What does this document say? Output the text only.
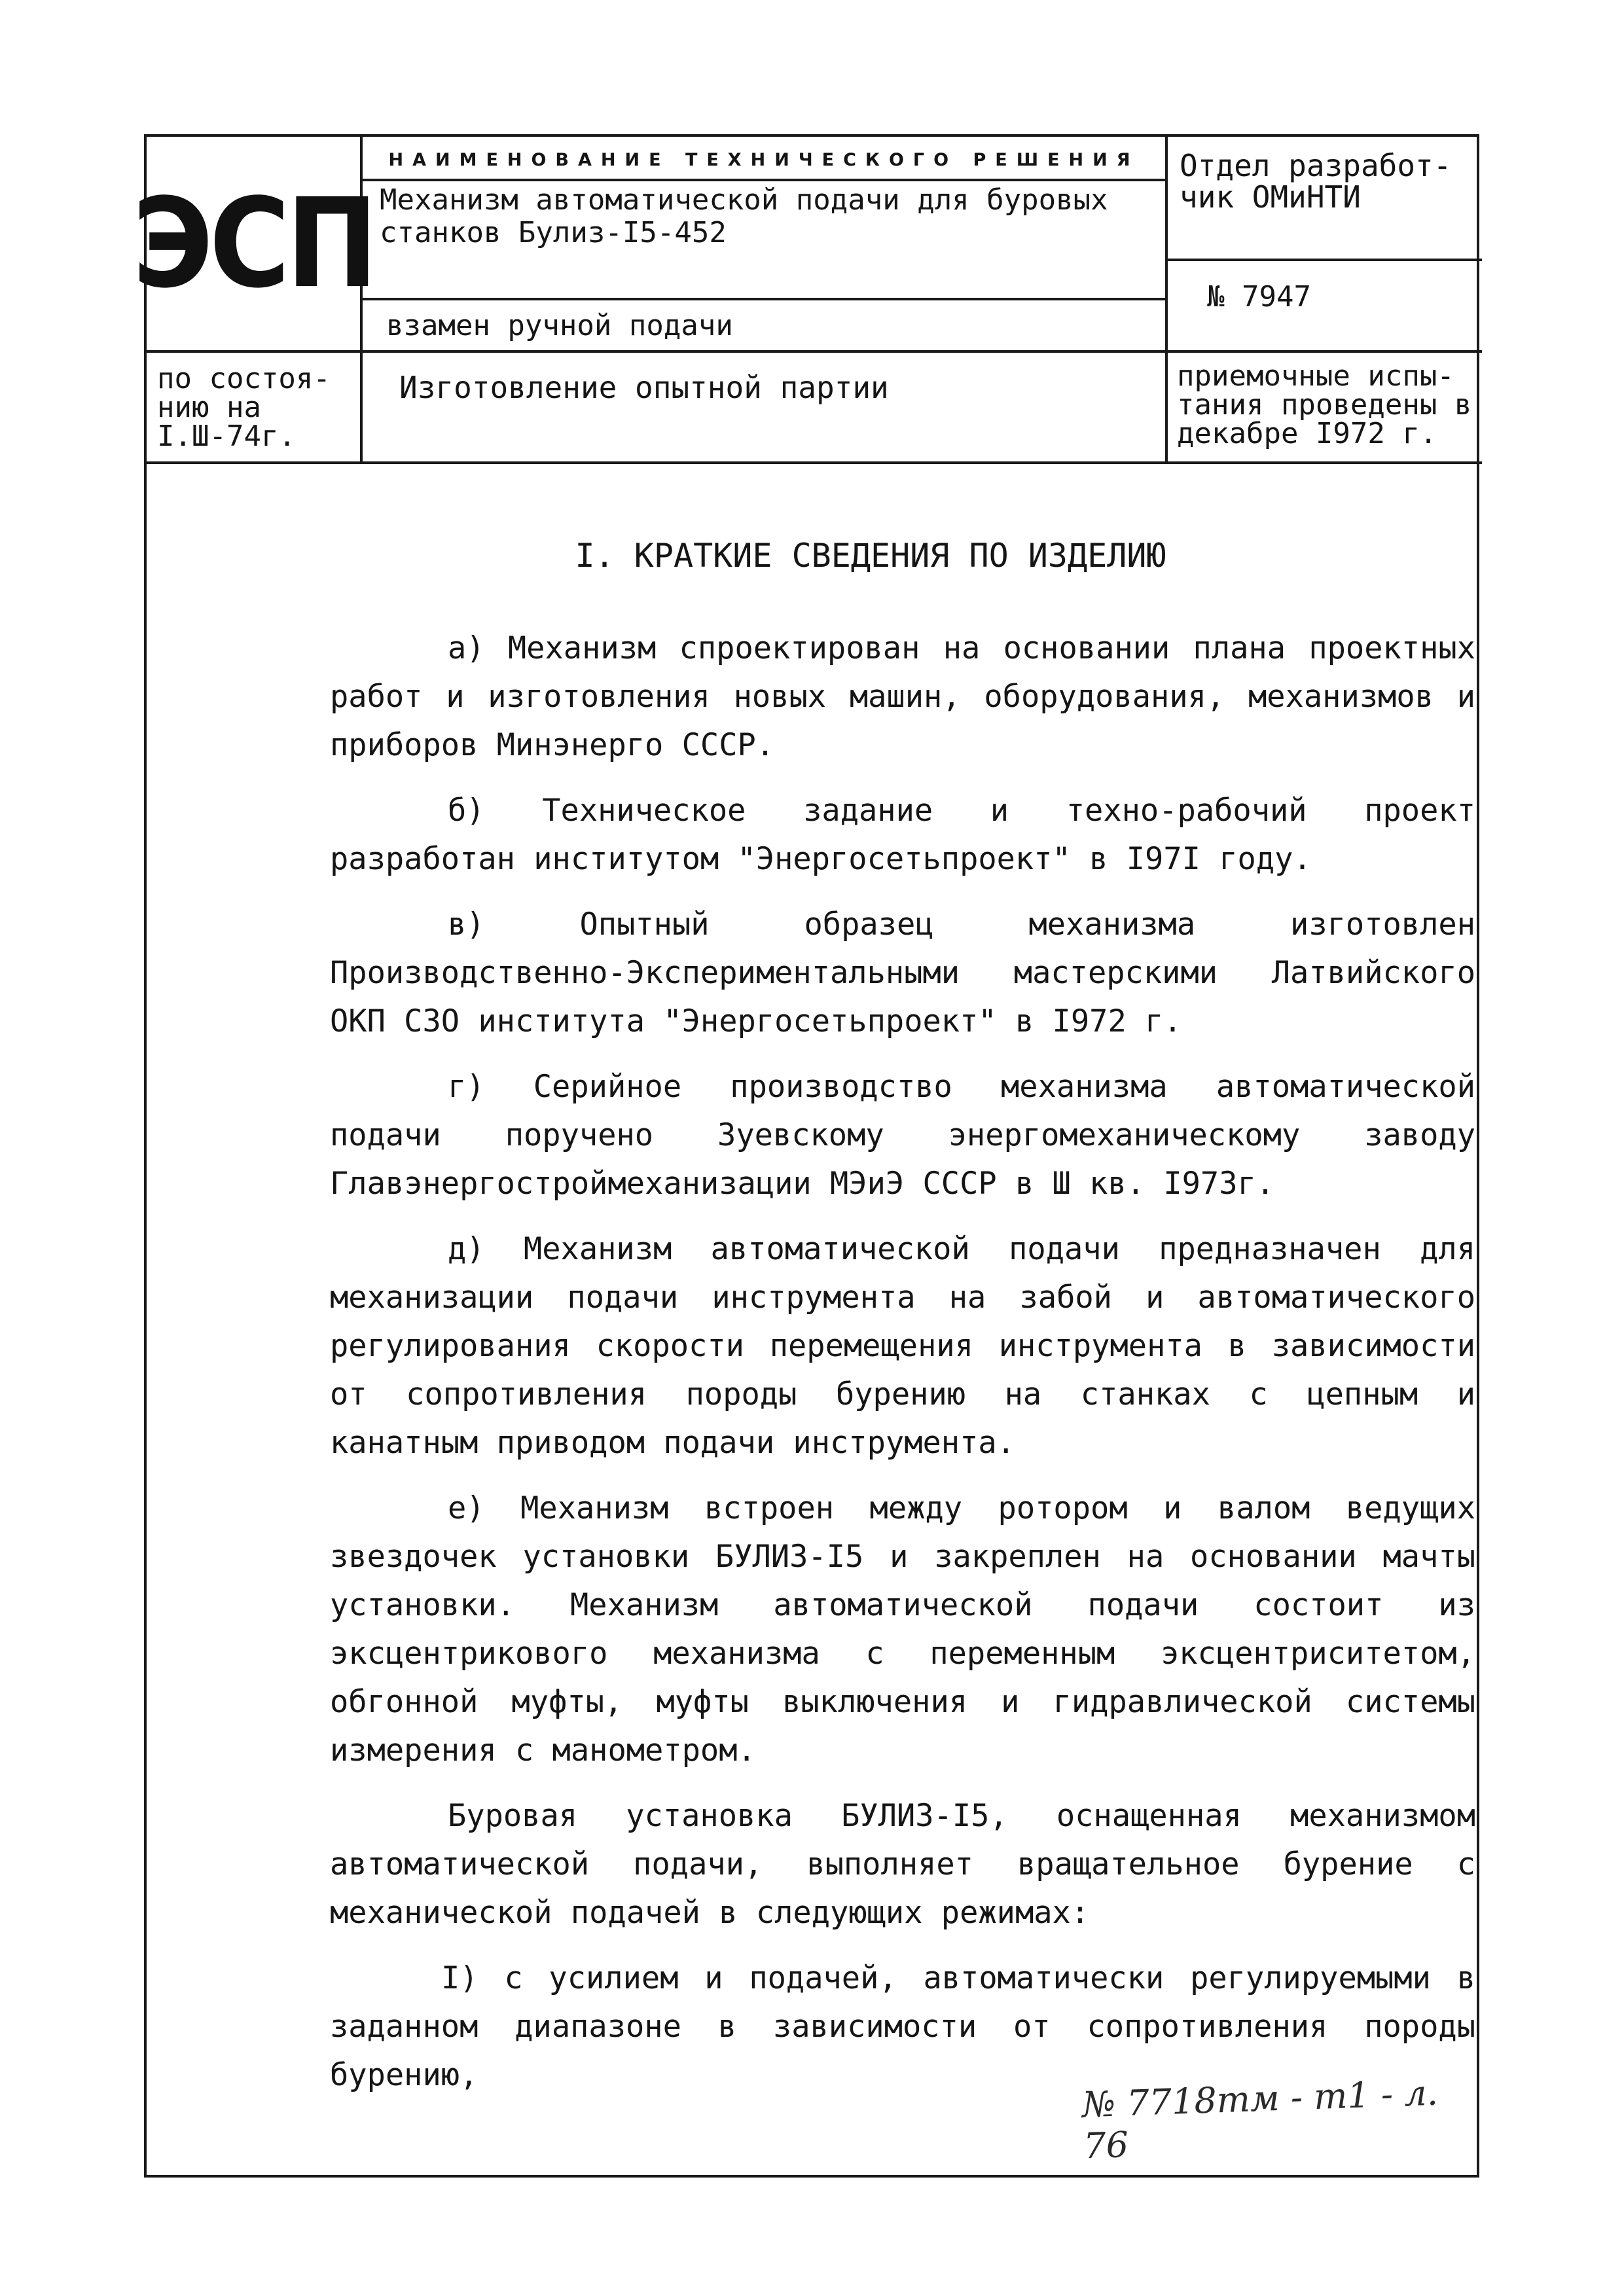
ЭСП
НАИМЕНОВАНИЕ ТЕХНИЧЕСКОГО РЕШЕНИЯ
Механизм автоматической подачи для буровых
станков Булиз-I5-452
взамен ручной подачи
Отдел разработ-
чик ОМиНТИ
№ 7947
по состоя-
нию на
I.Ш-74г.
Изготовление опытной партии	приемочные испы-
тания проведены в
декабре I972 г.
I. КРАТКИЕ СВЕДЕНИЯ ПО ИЗДЕЛИЮ

а) Механизм спроектирован на основании плана проектных работ и изготовления новых машин, оборудования, механизмов и приборов Минэнерго СССР.

б) Техническое задание и техно-рабочий проект разработан институтом "Энергосетьпроект" в I97I году.

в) Опытный образец механизма изготовлен Производственно-Экспериментальными мастерскими Латвийского ОКП СЗО института "Энергосетьпроект" в I972 г.

г) Серийное производство механизма автоматической подачи поручено Зуевскому энергомеханическому заводу Главэнергостроймеханизации МЭиЭ СССР в Ш кв. I973г.

д) Механизм автоматической подачи предназначен для механизации подачи инструмента на забой и автоматического регулирования скорости перемещения инструмента в зависимости от сопротивления породы бурению на станках с цепным и канатным приводом подачи инструмента.

е) Механизм встроен между ротором и валом ведущих звездочек установки БУЛИЗ-I5 и закреплен на основании мачты установки. Механизм автоматической подачи состоит из эксцентрикового механизма с переменным эксцентриситетом, обгонной муфты, муфты выключения и гидравлической системы измерения с манометром.

Буровая установка БУЛИЗ-I5, оснащенная механизмом автоматической подачи, выполняет вращательное бурение с механической подачей в следующих режимах:

I) с усилием и подачей, автоматически регулируемыми в заданном диапазоне в зависимости от сопротивления породы бурению,	№ 7718тм - т1 - л. 76
